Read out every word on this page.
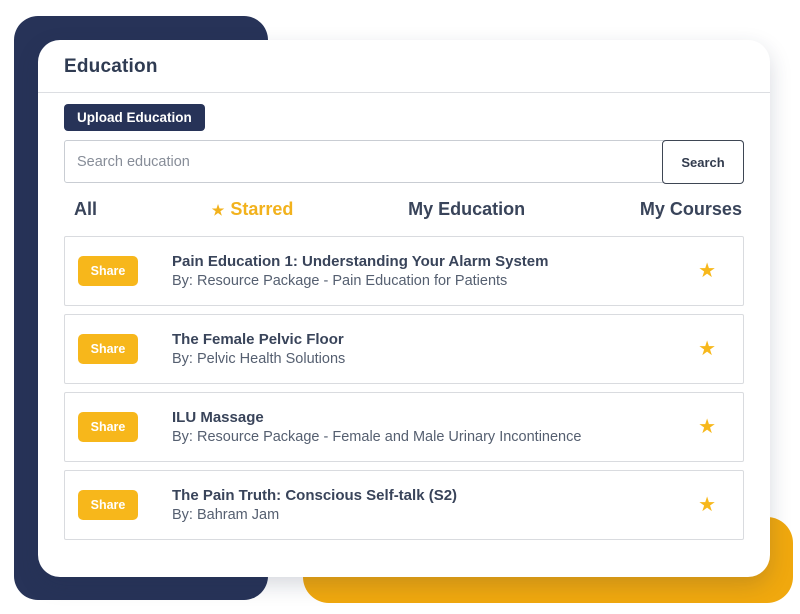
Education
Upload Education
Search education
Search
All	★ Starred	My Education	My Courses
Share
Pain Education 1: Understanding Your Alarm System
By: Resource Package - Pain Education for Patients	★
Share
The Female Pelvic Floor
By: Pelvic Health Solutions	★
Share
ILU Massage
By: Resource Package - Female and Male Urinary Incontinence	★
Share
The Pain Truth: Conscious Self-talk (S2)
By: Bahram Jam	★
